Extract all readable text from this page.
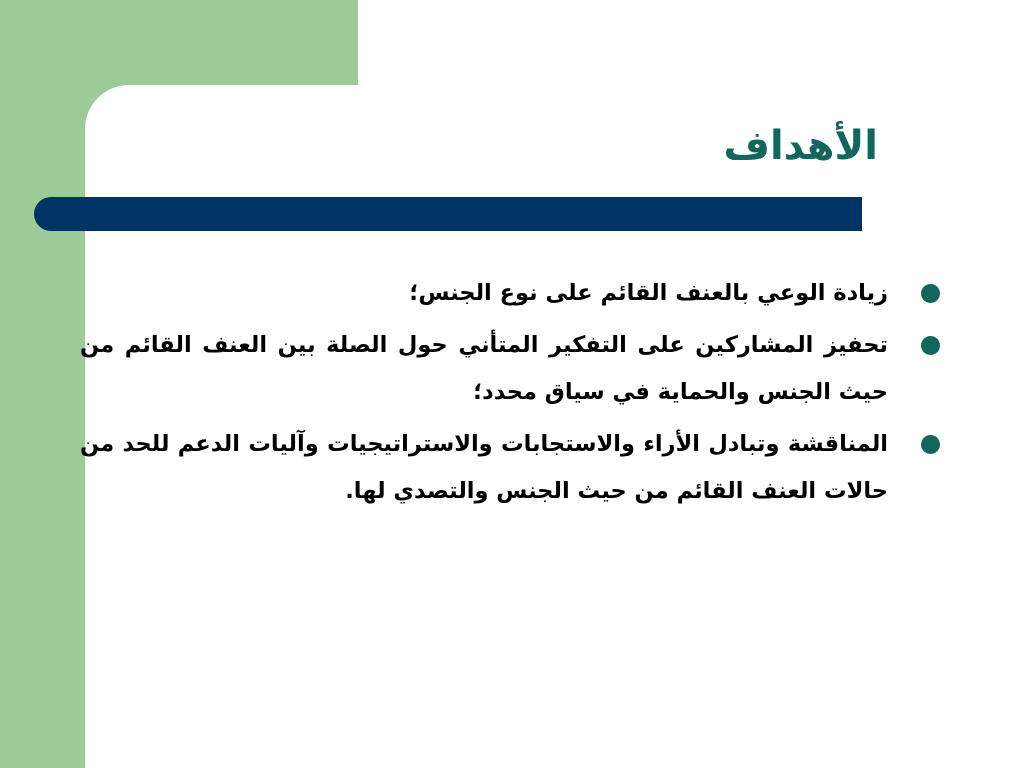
الأهداف
زيادة الوعي بالعنف القائم على نوع الجنس؛
تحفيز المشاركين على التفكير المتأني حول الصلة بين العنف القائم من حيث الجنس والحماية في سياق محدد؛
المناقشة وتبادل الأراء والاستجابات والاستراتيجيات وآليات الدعم للحد من حالات العنف القائم من حيث الجنس والتصدي لها.
